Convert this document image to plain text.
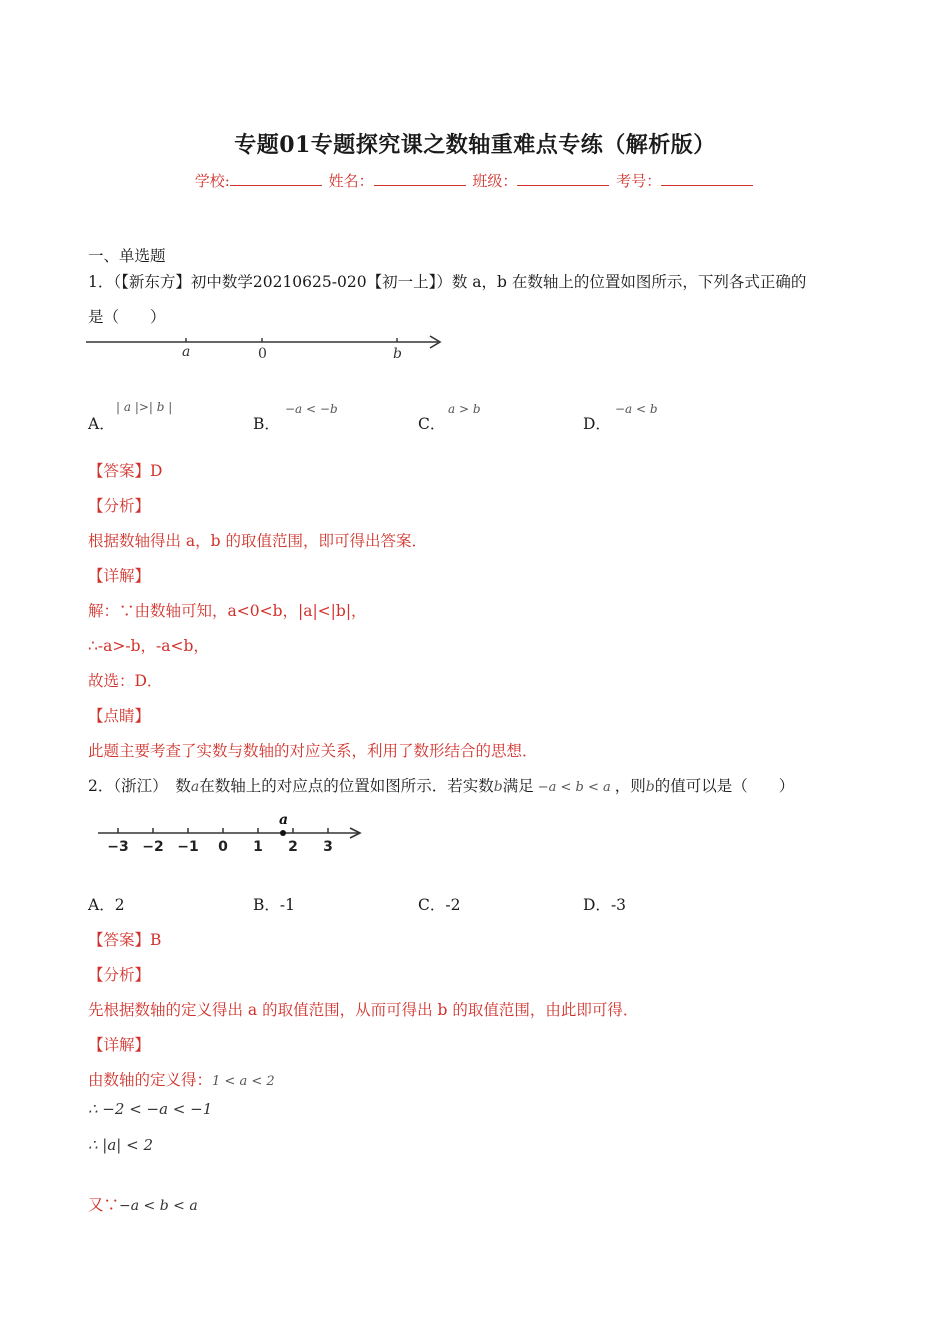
专题01专题探究课之数轴重难点专练（解析版）
学校:	姓名：	班级：	考号：
一、单选题
1．（【新东方】初中数学20210625-020【初一上】）数 a，b 在数轴上的位置如图所示，下列各式正确的
是（　　）
a	0	b
A．
| a |>| b |
B．
−a < −b
C．
a > b
D．
−a < b
【答案】D
【分析】
根据数轴得出 a，b 的取值范围，即可得出答案．
【详解】
解：∵由数轴可知，a<0<b，|a|<|b|，
∴-a>-b，-a<b，
故选：D．
【点睛】
此题主要考查了实数与数轴的对应关系，利用了数形结合的思想．
2．（浙江）　数a在数轴上的对应点的位置如图所示．若实数b满足 −a < b < a ，则b的值可以是（　　）
−3 −2 −1 0 1 2 3
a
A．2	B．-1	C．-2	D．-3
【答案】B
【分析】
先根据数轴的定义得出 a 的取值范围，从而可得出 b 的取值范围，由此即可得．
【详解】
由数轴的定义得：1 < a < 2
∴ −2 < −a < −1
∴ |a| < 2
又∵−a < b < a
